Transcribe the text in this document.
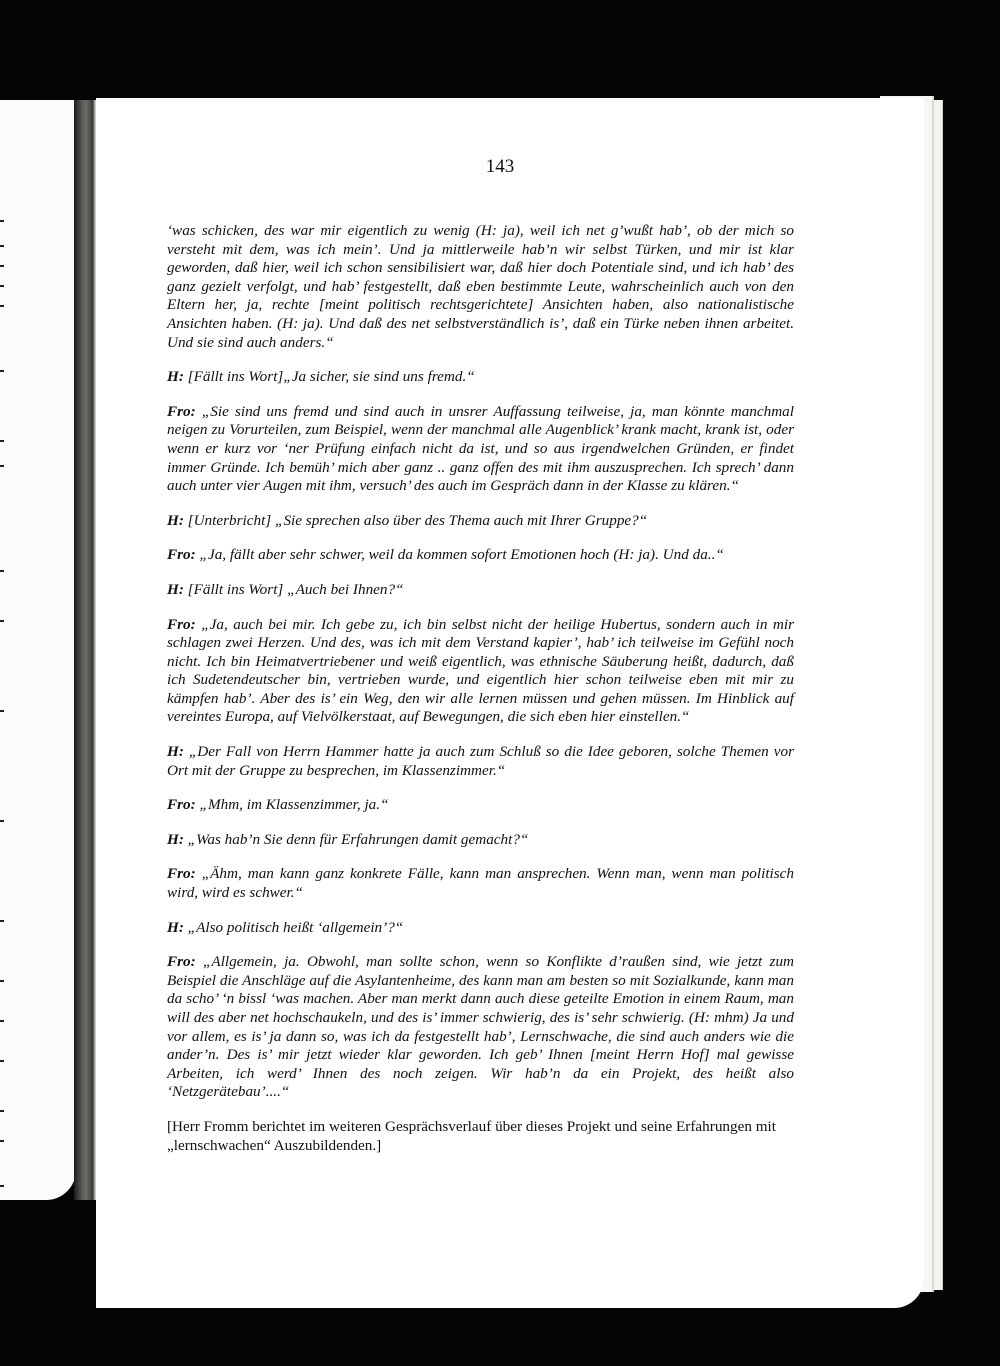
143

‘was schicken, des war mir eigentlich zu wenig (H: ja), weil ich net g’wußt hab’, ob der mich so versteht mit dem, was ich mein’. Und ja mittlerweile hab’n wir selbst Türken, und mir ist klar geworden, daß hier, weil ich schon sensibilisiert war, daß hier doch Potentiale sind, und ich hab’ des ganz gezielt verfolgt, und hab’ festgestellt, daß eben bestimmte Leute, wahrscheinlich auch von den Eltern her, ja, rechte [meint politisch rechtsgerichtete] Ansichten haben, also nationalistische Ansichten haben. (H: ja). Und daß des net selbstverständlich is’, daß ein Türke neben ihnen arbeitet. Und sie sind auch anders.“

H: [Fällt ins Wort]„Ja sicher, sie sind uns fremd.“

Fro: „Sie sind uns fremd und sind auch in unsrer Auffassung teilweise, ja, man könnte manchmal neigen zu Vorurteilen, zum Beispiel, wenn der manchmal alle Augenblick’ krank macht, krank ist, oder wenn er kurz vor ‘ner Prüfung einfach nicht da ist, und so aus irgendwelchen Gründen, er findet immer Gründe. Ich bemüh’ mich aber ganz .. ganz offen des mit ihm auszusprechen. Ich sprech’ dann auch unter vier Augen mit ihm, versuch’ des auch im Gespräch dann in der Klasse zu klären.“

H: [Unterbricht] „Sie sprechen also über des Thema auch mit Ihrer Gruppe?“

Fro: „Ja, fällt aber sehr schwer, weil da kommen sofort Emotionen hoch (H: ja). Und da..“

H: [Fällt ins Wort] „Auch bei Ihnen?“

Fro: „Ja, auch bei mir. Ich gebe zu, ich bin selbst nicht der heilige Hubertus, sondern auch in mir schlagen zwei Herzen. Und des, was ich mit dem Verstand kapier’, hab’ ich teilweise im Gefühl noch nicht. Ich bin Heimatvertriebener und weiß eigentlich, was ethnische Säuberung heißt, dadurch, daß ich Sudetendeutscher bin, vertrieben wurde, und eigentlich hier schon teilweise eben mit mir zu kämpfen hab’. Aber des is’ ein Weg, den wir alle lernen müssen und gehen müssen. Im Hinblick auf vereintes Europa, auf Vielvölkerstaat, auf Bewegungen, die sich eben hier einstellen.“

H: „Der Fall von Herrn Hammer hatte ja auch zum Schluß so die Idee geboren, solche Themen vor Ort mit der Gruppe zu besprechen, im Klassenzimmer.“

Fro: „Mhm, im Klassenzimmer, ja.“

H: „Was hab’n Sie denn für Erfahrungen damit gemacht?“

Fro: „Ähm, man kann ganz konkrete Fälle, kann man ansprechen. Wenn man, wenn man politisch wird, wird es schwer.“

H: „Also politisch heißt ‘allgemein’?“

Fro: „Allgemein, ja. Obwohl, man sollte schon, wenn so Konflikte d’raußen sind, wie jetzt zum Beispiel die Anschläge auf die Asylantenheime, des kann man am besten so mit Sozialkunde, kann man da scho’ ‘n bissl ‘was machen. Aber man merkt dann auch diese geteilte Emotion in einem Raum, man will des aber net hochschaukeln, und des is’ immer schwierig, des is’ sehr schwierig. (H: mhm) Ja und vor allem, es is’ ja dann so, was ich da festgestellt hab’, Lernschwache, die sind auch anders wie die ander’n. Des is’ mir jetzt wieder klar geworden. Ich geb’ Ihnen [meint Herrn Hof] mal gewisse Arbeiten, ich werd’ Ihnen des noch zeigen. Wir hab’n da ein Projekt, des heißt also ‘Netzgerätebau’....“

[Herr Fromm berichtet im weiteren Gesprächsverlauf über dieses Projekt und seine Erfahrungen mit „lernschwachen“ Auszubildenden.]
